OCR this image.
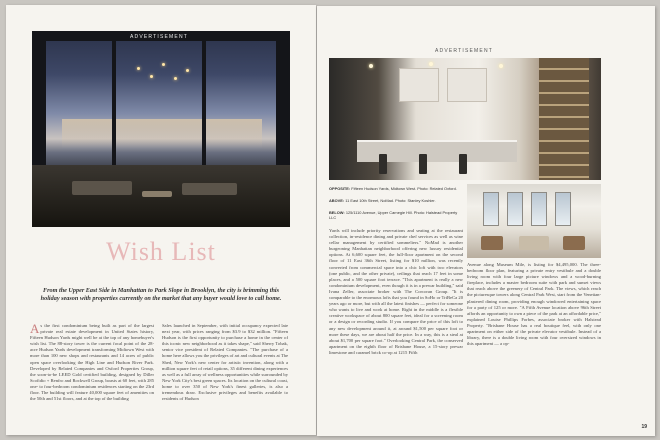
ADVERTISEMENT
Wish List
From the Upper East Side in Manhattan to Park Slope in Brooklyn, the city is brimming this holiday season with properties currently on the market that any buyer would love to call home.
As the first condominium being built as part of the largest private real estate development in United States history, Fifteen Hudson Yards might well be at the top of any homebuyer's wish list. The 88-story tower is the current focal point of the 28-acre Hudson Yards development transforming Midtown West with more than 100 new shops and restaurants and 14 acres of public open space overlooking the High Line and Hudson River Park. Developed by Related Companies and Oxford Properties Group, the soon-to-be LEED Gold certified building, designed by Diller Scofidio + Renfro and Rockwell Group, boasts at 60 feet, with 285 one- to four-bedroom condominium residences starting on the 23rd floor. The building will feature 40,000 square feet of amenities on the 50th and 51st floors, and at the top of the building
Sales launched in September, with initial occupancy expected late next year, with prices ranging from $3.9 to $32 million. "Fifteen Hudson is the first opportunity to purchase a home in the center of this iconic new neighborhood as it takes shape," said Sherry Tobak, senior vice president of Related Companies. "The purchase of a home here allows you the privileges of art and cultural events at The Shed, New York's new center for artistic invention, along with a million square feet of retail options, 35 different dining experiences as well as a full array of wellness opportunities while surrounded by New York City's best green spaces. Its location on the cultural coast, home to over 350 of New York's finest galleries, is also a tremendous draw. Exclusive privileges and benefits available to residents of Hudson
ADVERTISEMENT
OPPOSITE: Fifteen Hudson Yards, Midtown West. Photo: Related Oxford.
ABOVE: 11 East 10th Street, NoMad. Photo: Stanley Koshier.
BELOW: 125/1110 Avenue, Upper Carnegie Hill. Photo: Halstead Property LLC
Yards will include priority reservations and seating at the restaurant collection, in-residence dining and private chef services as well as wine cellar management by certified sommeliers." NoMad is another burgeoning Manhattan neighborhood offering new luxury residential options. At 6,600 square feet, the full-floor apartment on the second floor of 11 East 36th Street, listing for $10 million, was recently converted from commercial space into a chic loft with two elevators (one public, and the other private), ceilings that reach 17 feet in some places, and a 500 square foot terrace. "This apartment is really a new condominium development, even though it is in a prewar building," said Ivana Zeller, associate broker with The Corcoran Group. "It is comparable to the enormous lofts that you found in SoHo or TriBeCa 20 years ago or more, but with all the latest finishes — perfect for someone who wants to live and work at home. Right in the middle is a flexible creative workspace of about 800 square feet, ideal for a screening room or a design or recording studio. If you compare the price of this loft to any new development around it, at around $1,500 per square foot or more these days, we are about half the price. In a way, this is a steal at about $1,700 per square foot." Overlooking Central Park, the conserved apartment on the eighth floor of Brisbane House, a 15-story prewar limestone and caramel brick co-op at 1215 Fifth
Avenue along Museum Mile, is listing for $4,495,000. The three-bedroom floor plan, featuring a private entry vestibule and a double living room with four large picture windows and a wood-burning fireplace, includes a master bedroom suite with park and sunset views that reach above the greenery of Central Park. The views, which reach the picturesque towers along Central Park West, start from the Venetian-plastered dining room, providing enough windowed entertaining space for a party of 125 or more. "A Fifth Avenue location above 96th Street affords an opportunity to own a piece of the park at an affordable price," explained Louise Phillips Forbes, associate broker with Halstead Property. "Brisbane House has a real boutique feel, with only one apartment on either side of the private elevator vestibule. Instead of a library, there is a double living room with four oversized windows in this apartment — a op-
19
